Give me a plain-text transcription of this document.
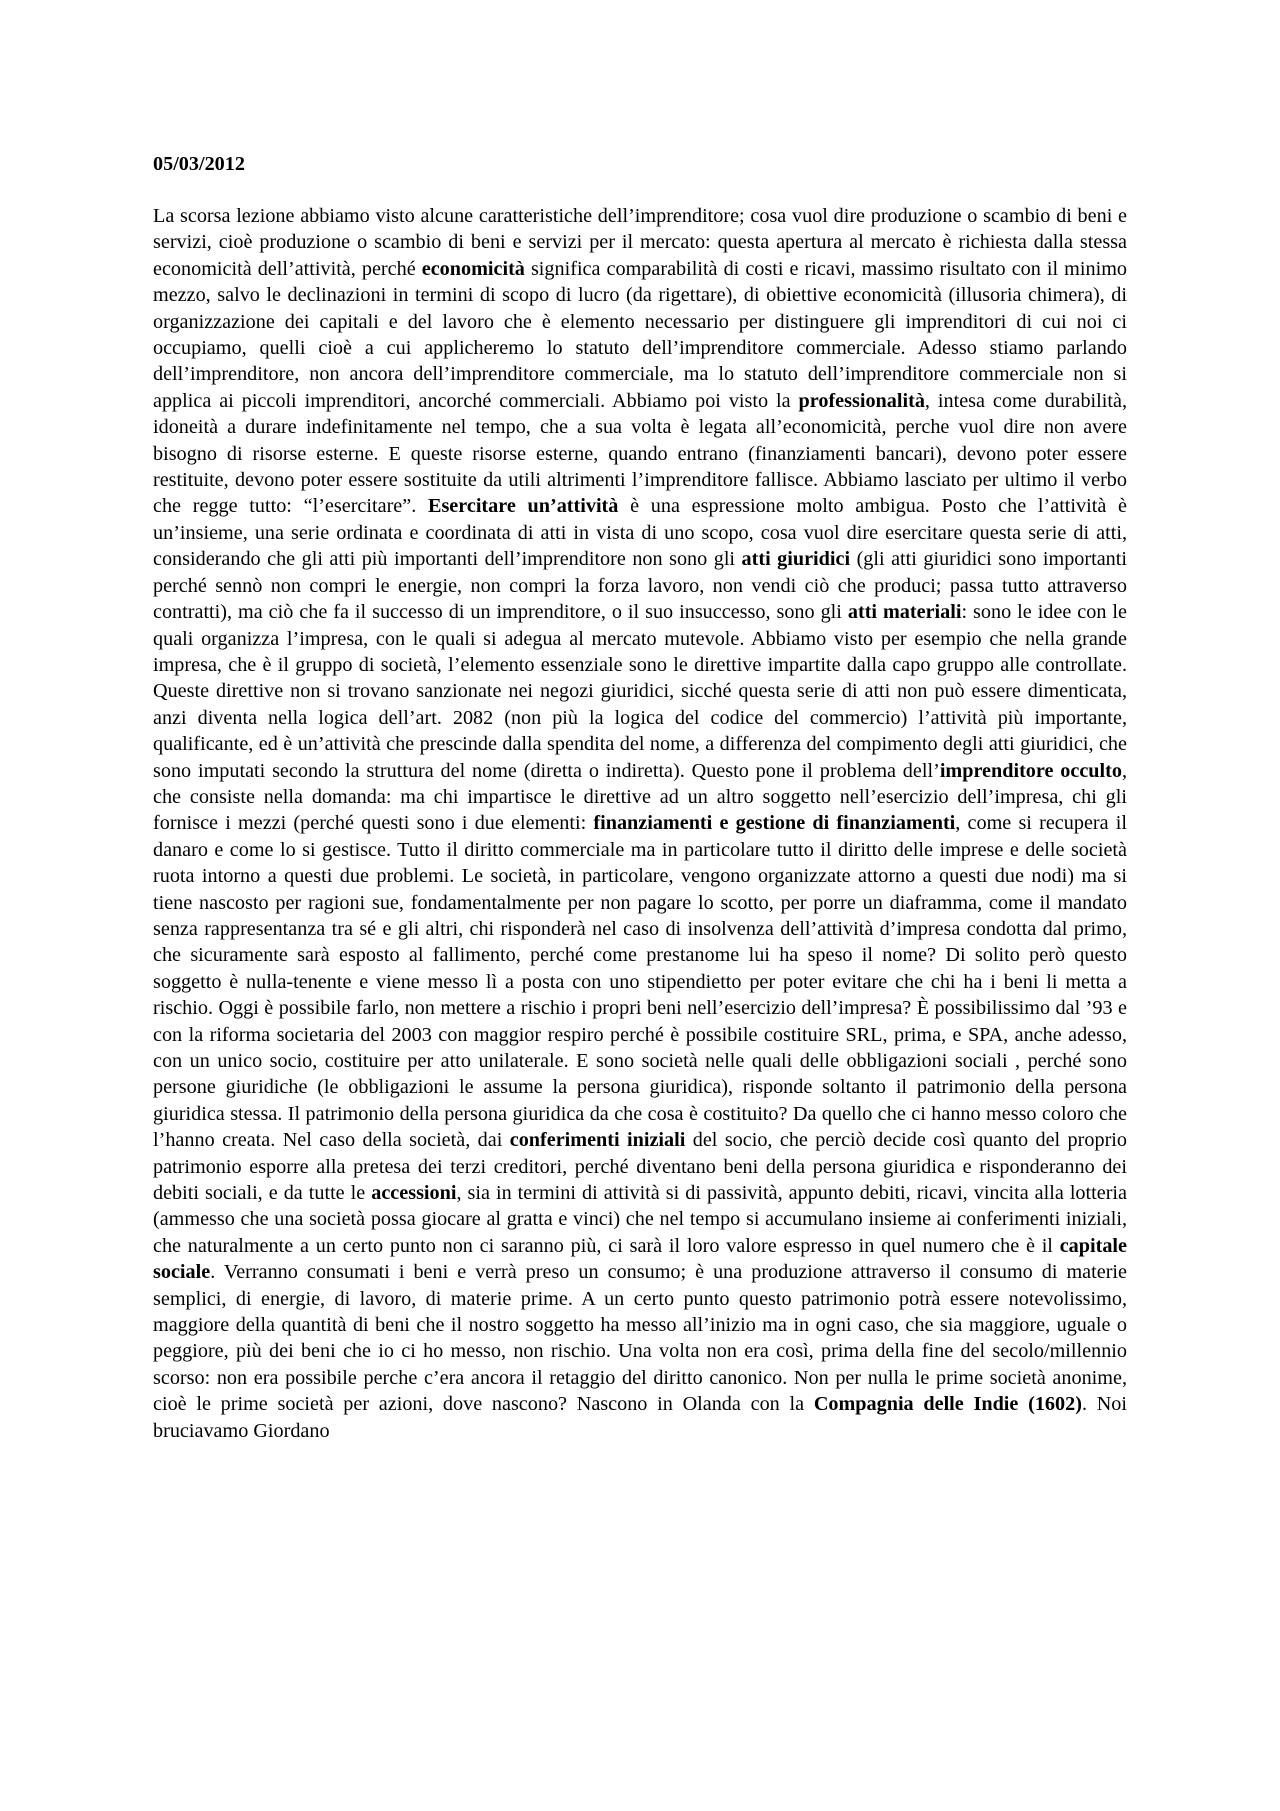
05/03/2012

La scorsa lezione abbiamo visto alcune caratteristiche dell’imprenditore; cosa vuol dire produzione o scambio di beni e servizi, cioè produzione o scambio di beni e servizi per il mercato: questa apertura al mercato è richiesta dalla stessa economicità dell’attività, perché economicità significa comparabilità di costi e ricavi, massimo risultato con il minimo mezzo, salvo le declinazioni in termini di scopo di lucro (da rigettare), di obiettive economicità (illusoria chimera), di organizzazione dei capitali e del lavoro che è elemento necessario per distinguere gli imprenditori di cui noi ci occupiamo, quelli cioè a cui applicheremo lo statuto dell’imprenditore commerciale. Adesso stiamo parlando dell’imprenditore, non ancora dell’imprenditore commerciale, ma lo statuto dell’imprenditore commerciale non si applica ai piccoli imprenditori, ancorché commerciali. Abbiamo poi visto la professionalità, intesa come durabilità, idoneità a durare indefinitamente nel tempo, che a sua volta è legata all’economicità, perche vuol dire non avere bisogno di risorse esterne. E queste risorse esterne, quando entrano (finanziamenti bancari), devono poter essere restituite, devono poter essere sostituite da utili altrimenti l’imprenditore fallisce. Abbiamo lasciato per ultimo il verbo che regge tutto: “l’esercitare”. Esercitare un’attività è una espressione molto ambigua. Posto che l’attività è un’insieme, una serie ordinata e coordinata di atti in vista di uno scopo, cosa vuol dire esercitare questa serie di atti, considerando che gli atti più importanti dell’imprenditore non sono gli atti giuridici (gli atti giuridici sono importanti perché sennò non compri le energie, non compri la forza lavoro, non vendi ciò che produci; passa tutto attraverso contratti), ma ciò che fa il successo di un imprenditore, o il suo insuccesso, sono gli atti materiali: sono le idee con le quali organizza l’impresa, con le quali si adegua al mercato mutevole. Abbiamo visto per esempio che nella grande impresa, che è il gruppo di società, l’elemento essenziale sono le direttive impartite dalla capo gruppo alle controllate. Queste direttive non si trovano sanzionate nei negozi giuridici, sicché questa serie di atti non può essere dimenticata, anzi diventa nella logica dell’art. 2082 (non più la logica del codice del commercio) l’attività più importante, qualificante, ed è un’attività che prescinde dalla spendita del nome, a differenza del compimento degli atti giuridici, che sono imputati secondo la struttura del nome (diretta o indiretta). Questo pone il problema dell’imprenditore occulto, che consiste nella domanda: ma chi impartisce le direttive ad un altro soggetto nell’esercizio dell’impresa, chi gli fornisce i mezzi (perché questi sono i due elementi: finanziamenti e gestione di finanziamenti, come si recupera il danaro e come lo si gestisce. Tutto il diritto commerciale ma in particolare tutto il diritto delle imprese e delle società ruota intorno a questi due problemi. Le società, in particolare, vengono organizzate attorno a questi due nodi) ma si tiene nascosto per ragioni sue, fondamentalmente per non pagare lo scotto, per porre un diaframma, come il mandato senza rappresentanza tra sé e gli altri, chi risponderà nel caso di insolvenza dell’attività d’impresa condotta dal primo, che sicuramente sarà esposto al fallimento, perché come prestanome lui ha speso il nome? Di solito però questo soggetto è nulla-tenente e viene messo lì a posta con uno stipendietto per poter evitare che chi ha i beni li metta a rischio. Oggi è possibile farlo, non mettere a rischio i propri beni nell’esercizio dell’impresa? È possibilissimo dal ’93 e con la riforma societaria del 2003 con maggior respiro perché è possibile costituire SRL, prima, e SPA, anche adesso, con un unico socio, costituire per atto unilaterale. E sono società nelle quali delle obbligazioni sociali , perché sono persone giuridiche (le obbligazioni le assume la persona giuridica), risponde soltanto il patrimonio della persona giuridica stessa. Il patrimonio della persona giuridica da che cosa è costituito? Da quello che ci hanno messo coloro che l’hanno creata. Nel caso della società, dai conferimenti iniziali del socio, che perciò decide così quanto del proprio patrimonio esporre alla pretesa dei terzi creditori, perché diventano beni della persona giuridica e risponderanno dei debiti sociali, e da tutte le accessioni, sia in termini di attività si di passività, appunto debiti, ricavi, vincita alla lotteria (ammesso che una società possa giocare al gratta e vinci) che nel tempo si accumulano insieme ai conferimenti iniziali, che naturalmente a un certo punto non ci saranno più, ci sarà il loro valore espresso in quel numero che è il capitale sociale. Verranno consumati i beni e verrà preso un consumo; è una produzione attraverso il consumo di materie semplici, di energie, di lavoro, di materie prime. A un certo punto questo patrimonio potrà essere notevolissimo, maggiore della quantità di beni che il nostro soggetto ha messo all’inizio ma in ogni caso, che sia maggiore, uguale o peggiore, più dei beni che io ci ho messo, non rischio. Una volta non era così, prima della fine del secolo/millennio scorso: non era possibile perche c’era ancora il retaggio del diritto canonico. Non per nulla le prime società anonime, cioè le prime società per azioni, dove nascono? Nascono in Olanda con la Compagnia delle Indie (1602). Noi bruciavamo Giordano
